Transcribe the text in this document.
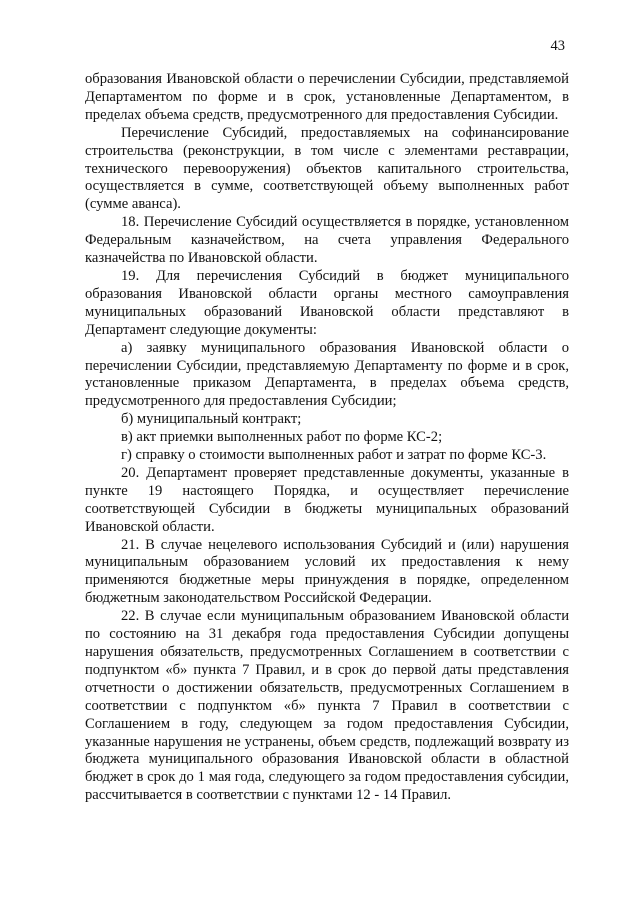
43

образования Ивановской области о перечислении Субсидии, представляемой Департаментом по форме и в срок, установленные Департаментом, в пределах объема средств, предусмотренного для предоставления Субсидии.

Перечисление Субсидий, предоставляемых на софинансирование строительства (реконструкции, в том числе с элементами реставрации, технического перевооружения) объектов капитального строительства, осуществляется в сумме, соответствующей объему выполненных работ (сумме аванса).

18. Перечисление Субсидий осуществляется в порядке, установленном Федеральным казначейством, на счета управления Федерального казначейства по Ивановской области.

19. Для перечисления Субсидий в бюджет муниципального образования Ивановской области органы местного самоуправления муниципальных образований Ивановской области представляют в Департамент следующие документы:

а) заявку муниципального образования Ивановской области о перечислении Субсидии, представляемую Департаменту по форме и в срок, установленные приказом Департамента, в пределах объема средств, предусмотренного для предоставления Субсидии;

б) муниципальный контракт;

в) акт приемки выполненных работ по форме КС-2;

г) справку о стоимости выполненных работ и затрат по форме КС-3.

20. Департамент проверяет представленные документы, указанные в пункте 19 настоящего Порядка, и осуществляет перечисление соответствующей Субсидии в бюджеты муниципальных образований Ивановской области.

21. В случае нецелевого использования Субсидий и (или) нарушения муниципальным образованием условий их предоставления к нему применяются бюджетные меры принуждения в порядке, определенном бюджетным законодательством Российской Федерации.

22. В случае если муниципальным образованием Ивановской области по состоянию на 31 декабря года предоставления Субсидии допущены нарушения обязательств, предусмотренных Соглашением в соответствии с подпунктом «б» пункта 7 Правил, и в срок до первой даты представления отчетности о достижении обязательств, предусмотренных Соглашением в соответствии с подпунктом «б» пункта 7 Правил в соответствии с Соглашением в году, следующем за годом предоставления Субсидии, указанные нарушения не устранены, объем средств, подлежащий возврату из бюджета муниципального образования Ивановской области в областной бюджет в срок до 1 мая года, следующего за годом предоставления субсидии, рассчитывается в соответствии с пунктами 12 - 14 Правил.
